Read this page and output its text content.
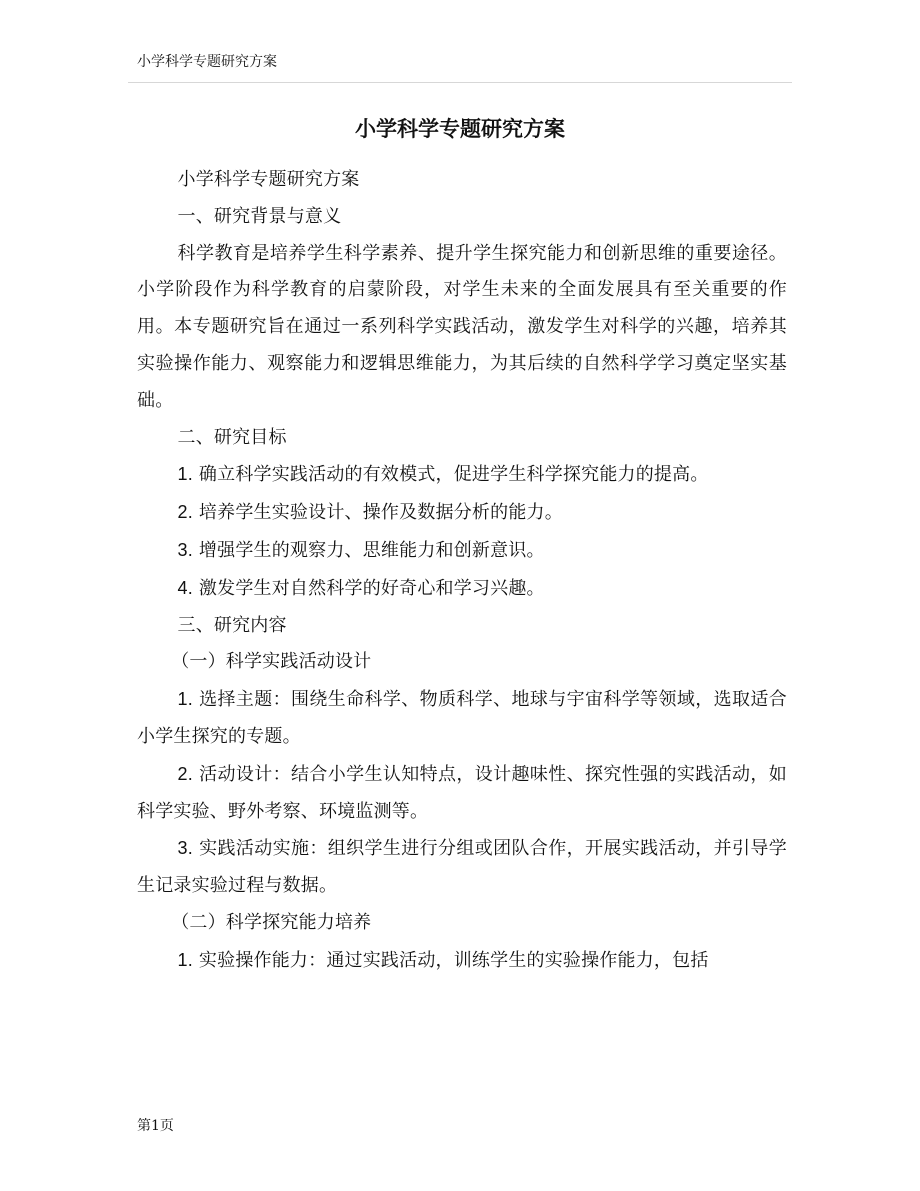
小学科学专题研究方案
小学科学专题研究方案

小学科学专题研究方案

一、研究背景与意义

科学教育是培养学生科学素养、提升学生探究能力和创新思维的重要途径。小学阶段作为科学教育的启蒙阶段，对学生未来的全面发展具有至关重要的作用。本专题研究旨在通过一系列科学实践活动，激发学生对科学的兴趣，培养其实验操作能力、观察能力和逻辑思维能力，为其后续的自然科学学习奠定坚实基础。

二、研究目标

1. 确立科学实践活动的有效模式，促进学生科学探究能力的提高。

2. 培养学生实验设计、操作及数据分析的能力。

3. 增强学生的观察力、思维能力和创新意识。

4. 激发学生对自然科学的好奇心和学习兴趣。

三、研究内容

（一）科学实践活动设计

1. 选择主题：围绕生命科学、物质科学、地球与宇宙科学等领域，选取适合小学生探究的专题。

2. 活动设计：结合小学生认知特点，设计趣味性、探究性强的实践活动，如科学实验、野外考察、环境监测等。

3. 实践活动实施：组织学生进行分组或团队合作，开展实践活动，并引导学生记录实验过程与数据。

（二）科学探究能力培养

1. 实验操作能力：通过实践活动，训练学生的实验操作能力，包括

第1页
